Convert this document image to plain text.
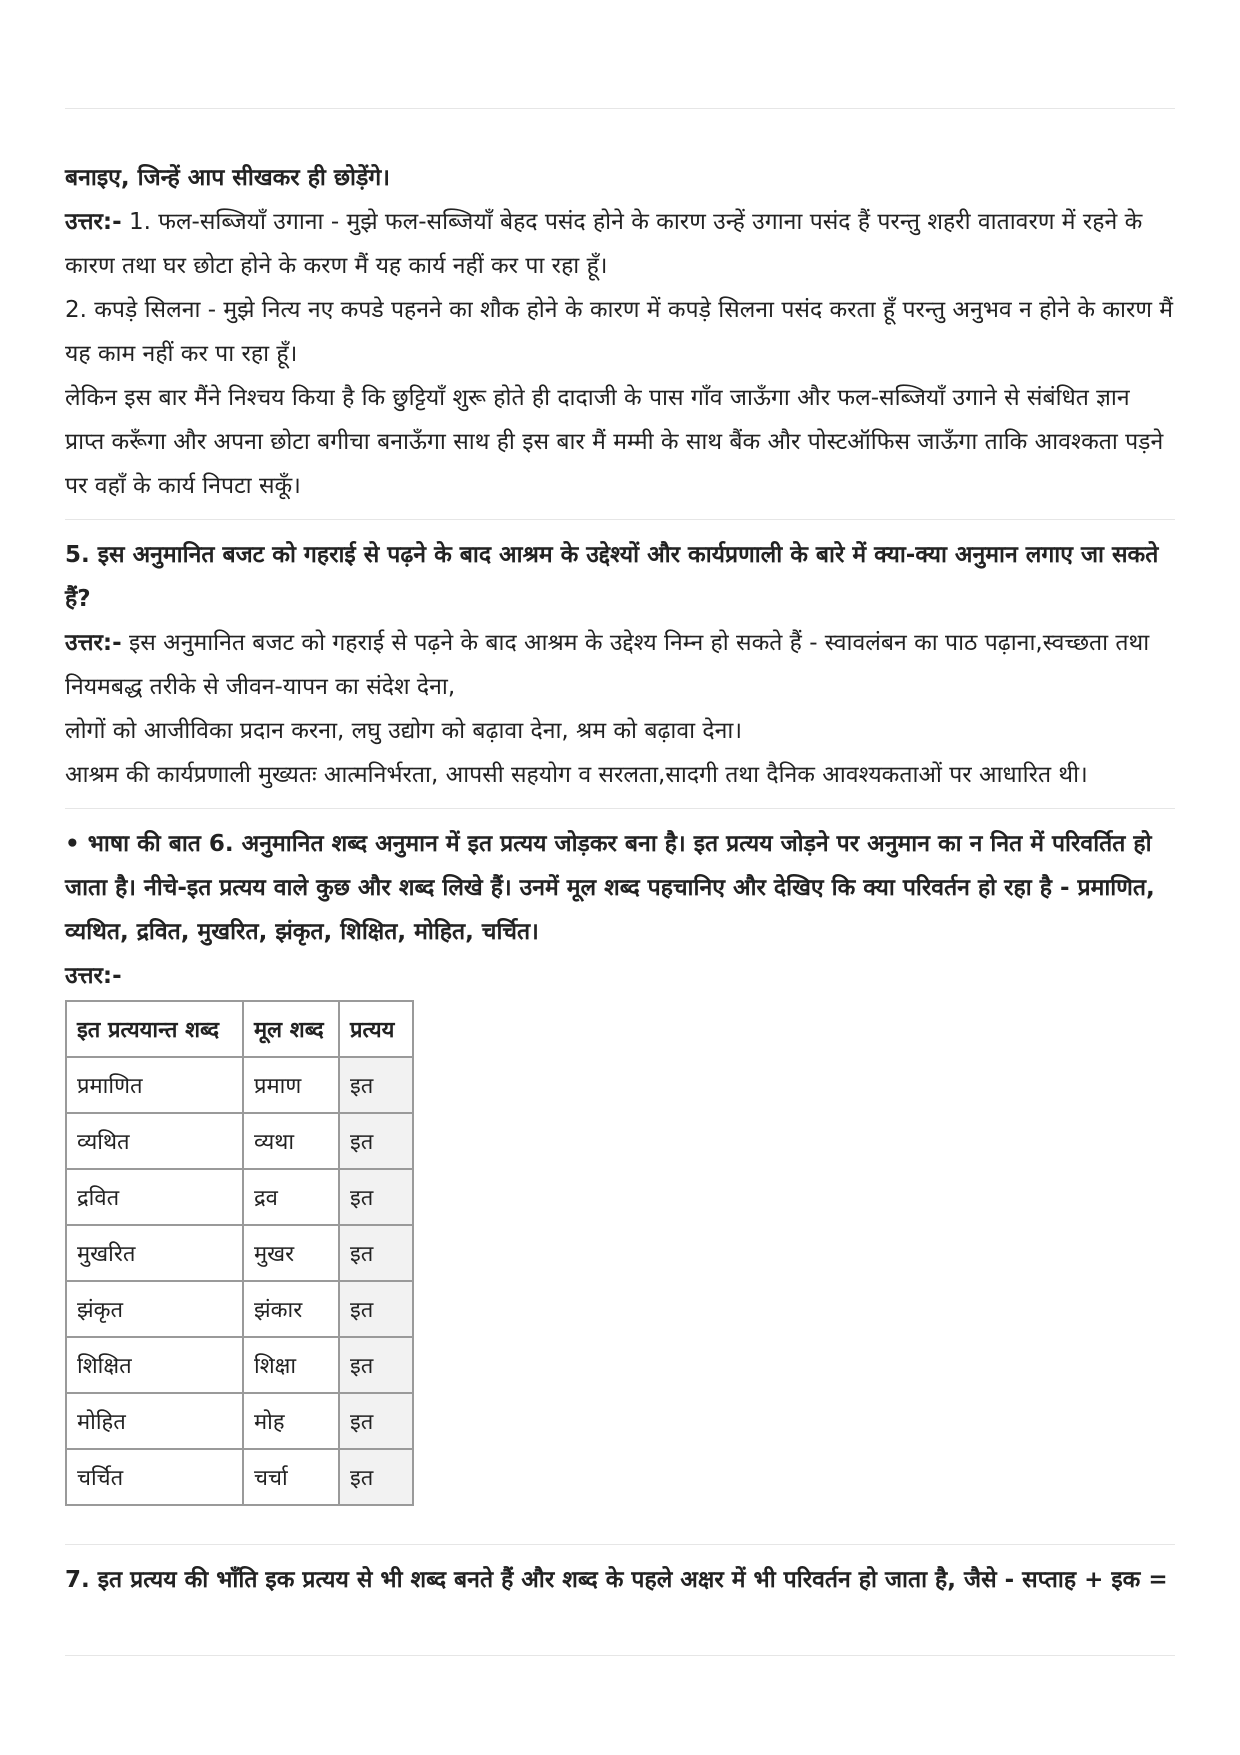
बनाइए, जिन्हें आप सीखकर ही छोड़ेंगे।

उत्तर:- 1. फल-सब्जियाँ उगाना - मुझे फल-सब्जियाँ बेहद पसंद होने के कारण उन्हें उगाना पसंद हैं परन्तु शहरी वातावरण में रहने के कारण तथा घर छोटा होने के करण मैं यह कार्य नहीं कर पा रहा हूँ।

2. कपड़े सिलना - मुझे नित्य नए कपडे पहनने का शौक होने के कारण में कपड़े सिलना पसंद करता हूँ परन्तु अनुभव न होने के कारण मैं यह काम नहीं कर पा रहा हूँ।

लेकिन इस बार मैंने निश्चय किया है कि छुट्टियाँ शुरू होते ही दादाजी के पास गाँव जाऊँगा और फल-सब्जियाँ उगाने से संबंधित ज्ञान प्राप्त करूँगा और अपना छोटा बगीचा बनाऊँगा साथ ही इस बार मैं मम्मी के साथ बैंक और पोस्टऑफिस जाऊँगा ताकि आवश्कता पड़ने पर वहाँ के कार्य निपटा सकूँ।

5. इस अनुमानित बजट को गहराई से पढ़ने के बाद आश्रम के उद्देश्यों और कार्यप्रणाली के बारे में क्या-क्या अनुमान लगाए जा सकते हैं?

उत्तर:- इस अनुमानित बजट को गहराई से पढ़ने के बाद आश्रम के उद्देश्य निम्न हो सकते हैं - स्वावलंबन का पाठ पढ़ाना,स्वच्छता तथा नियमबद्ध तरीके से जीवन-यापन का संदेश देना,

लोगों को आजीविका प्रदान करना, लघु उद्योग को बढ़ावा देना, श्रम को बढ़ावा देना।

आश्रम की कार्यप्रणाली मुख्यतः आत्मनिर्भरता, आपसी सहयोग व सरलता,सादगी तथा दैनिक आवश्यकताओं पर आधारित थी।

• भाषा की बात 6. अनुमानित शब्द अनुमान में इत प्रत्यय जोड़कर बना है। इत प्रत्यय जोड़ने पर अनुमान का न नित में परिवर्तित हो जाता है। नीचे-इत प्रत्यय वाले कुछ और शब्द लिखे हैं। उनमें मूल शब्द पहचानिए और देखिए कि क्या परिवर्तन हो रहा है - प्रमाणित, व्यथित, द्रवित, मुखरित, झंकृत, शिक्षित, मोहित, चर्चित।

उत्तर:-

इत प्रत्ययान्त शब्द	मूल शब्द	प्रत्यय
प्रमाणित	प्रमाण	इत
व्यथित	व्यथा	इत
द्रवित	द्रव	इत
मुखरित	मुखर	इत
झंकृत	झंकार	इत
शिक्षित	शिक्षा	इत
मोहित	मोह	इत
चर्चित	चर्चा	इत

7. इत प्रत्यय की भाँति इक प्रत्यय से भी शब्द बनते हैं और शब्द के पहले अक्षर में भी परिवर्तन हो जाता है, जैसे - सप्ताह + इक =
